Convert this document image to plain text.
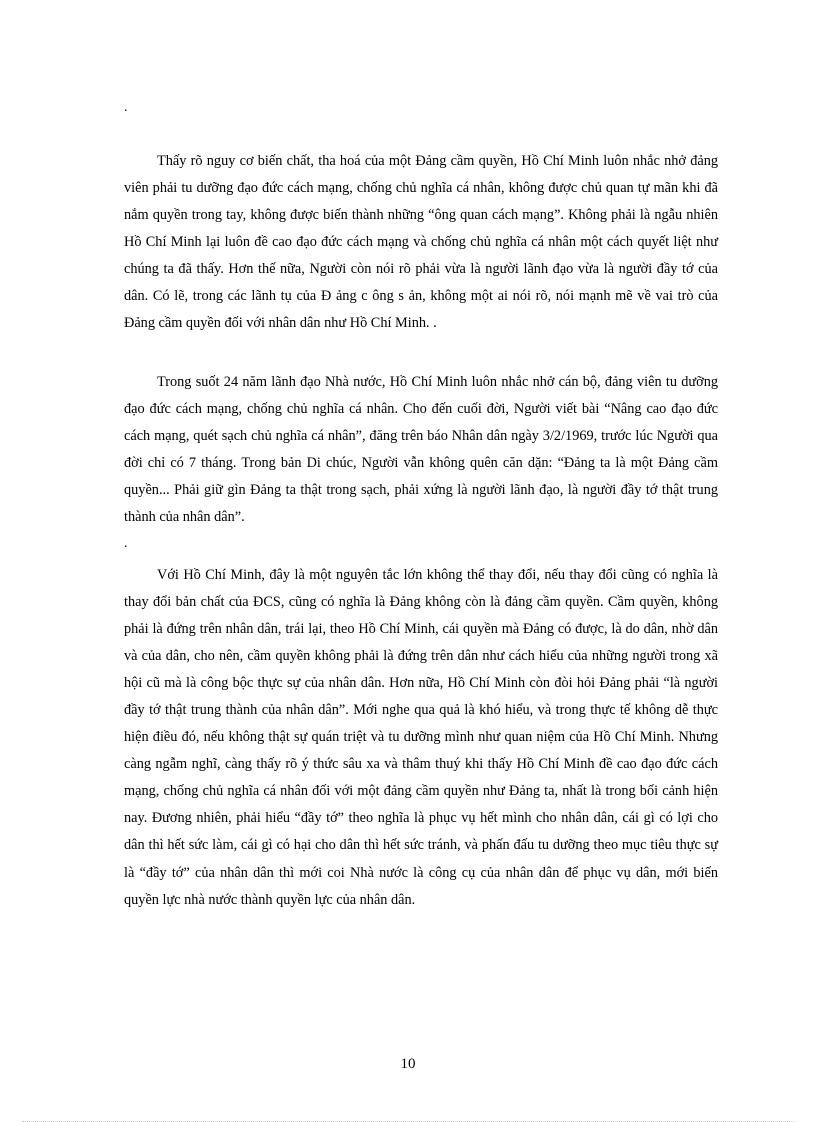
.

Thấy rõ nguy cơ biến chất, tha hoá của một Đảng cầm quyền, Hồ Chí Minh luôn nhắc nhở đảng viên phải tu dưỡng đạo đức cách mạng, chống chủ nghĩa cá nhân, không được chủ quan tự mãn khi đã nắm quyền trong tay, không được biến thành những “ông quan cách mạng”. Không phải là ngẫu nhiên Hồ Chí Minh lại luôn đề cao đạo đức cách mạng và chống chủ nghĩa cá nhân một cách quyết liệt như chúng ta đã thấy. Hơn thế nữa, Người còn nói rõ phải vừa là người lãnh đạo vừa là người đầy tớ của dân. Có lẽ, trong các lãnh tụ của Đ ảng c ông s ản, không một ai nói rõ, nói mạnh mẽ về vai trò của Đảng cầm quyền đối với nhân dân như Hồ Chí Minh. .

Trong suốt 24 năm lãnh đạo Nhà nước, Hồ Chí Minh luôn nhắc nhở cán bộ, đảng viên tu dưỡng đạo đức cách mạng, chống chủ nghĩa cá nhân. Cho đến cuối đời, Người viết bài “Nâng cao đạo đức cách mạng, quét sạch chủ nghĩa cá nhân”, đăng trên báo Nhân dân ngày 3/2/1969, trước lúc Người qua đời chỉ có 7 tháng. Trong bản Di chúc, Người vẫn không quên căn dặn: “Đảng ta là một Đảng cầm quyền... Phải giữ gìn Đảng ta thật trong sạch, phải xứng là người lãnh đạo, là người đầy tớ thật trung thành của nhân dân”.

.

Với Hồ Chí Minh, đây là một nguyên tắc lớn không thể thay đổi, nếu thay đổi cũng có nghĩa là thay đổi bản chất của ĐCS, cũng có nghĩa là Đảng không còn là đảng cầm quyền. Cầm quyền, không phải là đứng trên nhân dân, trái lại, theo Hồ Chí Minh, cái quyền mà Đảng có được, là do dân, nhờ dân và của dân, cho nên, cầm quyền không phải là đứng trên dân như cách hiểu của những người trong xã hội cũ mà là công bộc thực sự của nhân dân. Hơn nữa, Hồ Chí Minh còn đòi hỏi Đảng phải “là người đầy tớ thật trung thành của nhân dân”. Mới nghe qua quả là khó hiểu, và trong thực tế không dễ thực hiện điều đó, nếu không thật sự quán triệt và tu dưỡng mình như quan niệm của Hồ Chí Minh. Nhưng càng ngẫm nghĩ, càng thấy rõ ý thức sâu xa và thâm thuý khi thấy Hồ Chí Minh đề cao đạo đức cách mạng, chống chủ nghĩa cá nhân đối với một đảng cầm quyền như Đảng ta, nhất là trong bối cảnh hiện nay. Đương nhiên, phải hiểu “đầy tớ” theo nghĩa là phục vụ hết mình cho nhân dân, cái gì có lợi cho dân thì hết sức làm, cái gì có hại cho dân thì hết sức tránh, và phấn đấu tu dưỡng theo mục tiêu thực sự là “đầy tớ” của nhân dân thì mới coi Nhà nước là công cụ của nhân dân để phục vụ dân, mới biến quyền lực nhà nước thành quyền lực của nhân dân.

10
